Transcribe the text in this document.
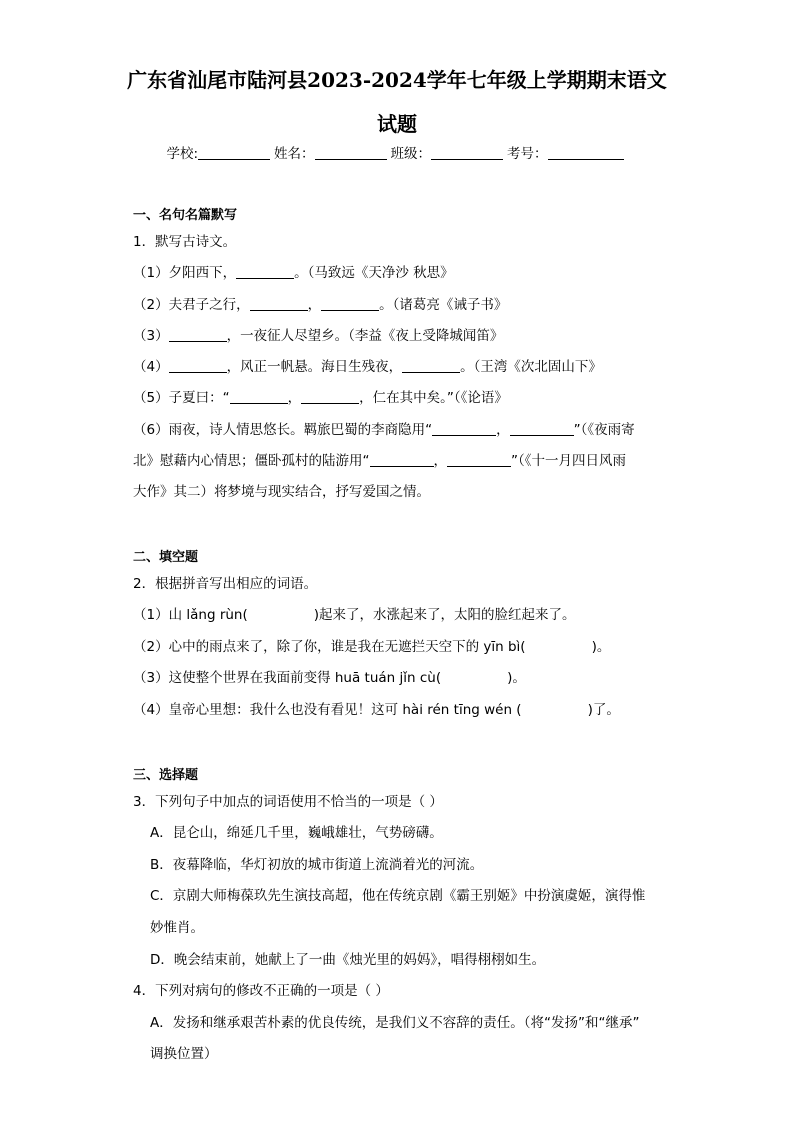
广东省汕尾市陆河县2023-2024学年七年级上学期期末语文
试题
学校:	姓名：	班级：	考号：
一、名句名篇默写
1．默写古诗文。
（1）夕阳西下，	。（马致远《天净沙 秋思》
（2）夫君子之行，	，	。（诸葛亮《诫子书》
（3）	，一夜征人尽望乡。（李益《夜上受降城闻笛》
（4）	，风正一帆悬。海日生残夜，	。（王湾《次北固山下》
（5）子夏曰：“	，	，仁在其中矣。”（《论语》
（6）雨夜，诗人情思悠长。羁旅巴蜀的李商隐用“	，	”（《夜雨寄
北》慰藉内心情思；僵卧孤村的陆游用“	，	”（《十一月四日风雨
大作》其二）将梦境与现实结合，抒写爱国之情。
二、填空题
2．根据拼音写出相应的词语。
（1）山 lǎng rùn(	)起来了，水涨起来了，太阳的脸红起来了。
（2）心中的雨点来了，除了你，谁是我在无遮拦天空下的 yīn bì(	)。
（3）这使整个世界在我面前变得 huā tuán jǐn cù(	)。
（4）皇帝心里想：我什么也没有看见！这可 hài rén tīng wén (	)了。
三、选择题
3．下列句子中加点的词语使用不恰当的一项是（ ）
A．昆仑山，绵延几千里，巍峨雄壮，气势磅礴。
B．夜幕降临，华灯初放的城市街道上流淌着光的河流。
C．京剧大师梅葆玖先生演技高超，他在传统京剧《霸王别姬》中扮演虞姬，演得惟
妙惟肖。
D．晚会结束前，她献上了一曲《烛光里的妈妈》，唱得栩栩如生。
4．下列对病句的修改不正确的一项是（ ）
A．发扬和继承艰苦朴素的优良传统，是我们义不容辞的责任。（将“发扬”和“继承”
调换位置）
